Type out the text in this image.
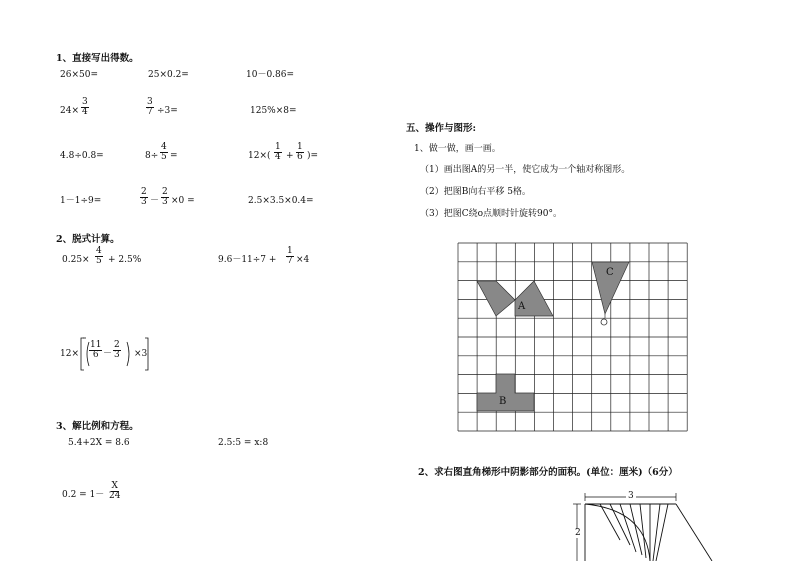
1、直接写出得数。
26×50=	25×0.2=	10－0.86=
$24\times \frac{3}{4}$	$\frac{3}{7} \div 3=$	125%×8=
4.8÷0.8=	$8\div \frac{4}{5}$ =	$12\times( \frac{1}{4} + \frac{1}{6}$ )=
1－1÷9=	$\frac{2}{3} - \frac{2}{3} \times 0$ =	2.5×3.5×0.4=
2、脱式计算。
$0.25\times \frac{4}{5} + 2.5\%$	$9.6-11\div 7 + \frac{1}{7} \times 4$
$12\times \frac{11}{6} - \frac{2}{3} \times 3$
3、解比例和方程。
5.4+2X = 8.6	2.5:5 = x:8
$0.2 = 1- \frac{X}{24}$
五、操作与图形:
1、做一做，画一画。
（1）画出图A的另一半，使它成为一个轴对称图形。
（2）把图B向右平移 5格。
（3）把图C绕o点顺时针旋转90°。
2、求右图直角梯形中阴影部分的面积。(单位：厘米)（6分）
A
B
C
3
2
